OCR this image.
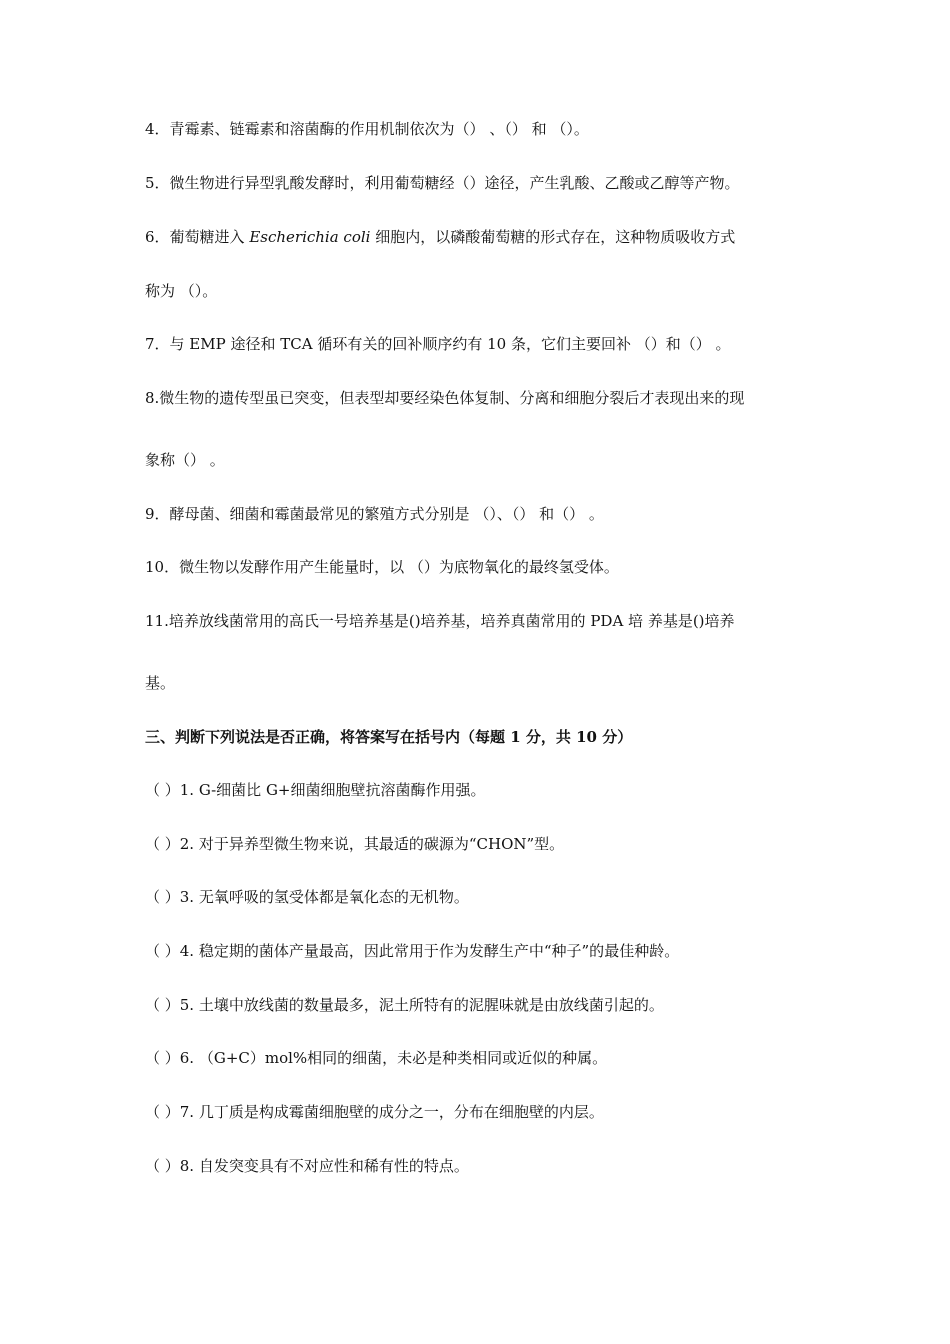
4．青霉素、链霉素和溶菌酶的作用机制依次为（） 、（） 和 （）。
5．微生物进行异型乳酸发酵时，利用葡萄糖经（）途径，产生乳酸、乙酸或乙醇等产物。
6．葡萄糖进入 Escherichia coli 细胞内，以磷酸葡萄糖的形式存在，这种物质吸收方式
称为 （）。
7．与 EMP 途径和 TCA 循环有关的回补顺序约有 10 条，它们主要回补 （）和（） 。
8.微生物的遗传型虽已突变，但表型却要经染色体复制、分离和细胞分裂后才表现出来的现
象称（） 。
9．酵母菌、细菌和霉菌最常见的繁殖方式分别是 （）、（） 和（） 。
10．微生物以发酵作用产生能量时，以 （）为底物氧化的最终氢受体。
11.培养放线菌常用的高氏一号培养基是()培养基，培养真菌常用的 PDA 培 养基是()培养
基。
三、判断下列说法是否正确，将答案写在括号内（每题 1 分，共 10 分）
（ ）1. G-细菌比 G+细菌细胞壁抗溶菌酶作用强。
（ ）2. 对于异养型微生物来说，其最适的碳源为“CHON”型。
（ ）3. 无氧呼吸的氢受体都是氧化态的无机物。
（ ）4. 稳定期的菌体产量最高，因此常用于作为发酵生产中“种子”的最佳种龄。
（ ）5. 土壤中放线菌的数量最多，泥土所特有的泥腥味就是由放线菌引起的。
（ ）6. （G+C）mol%相同的细菌，未必是种类相同或近似的种属。
（ ）7. 几丁质是构成霉菌细胞壁的成分之一，分布在细胞壁的内层。
（ ）8. 自发突变具有不对应性和稀有性的特点。
